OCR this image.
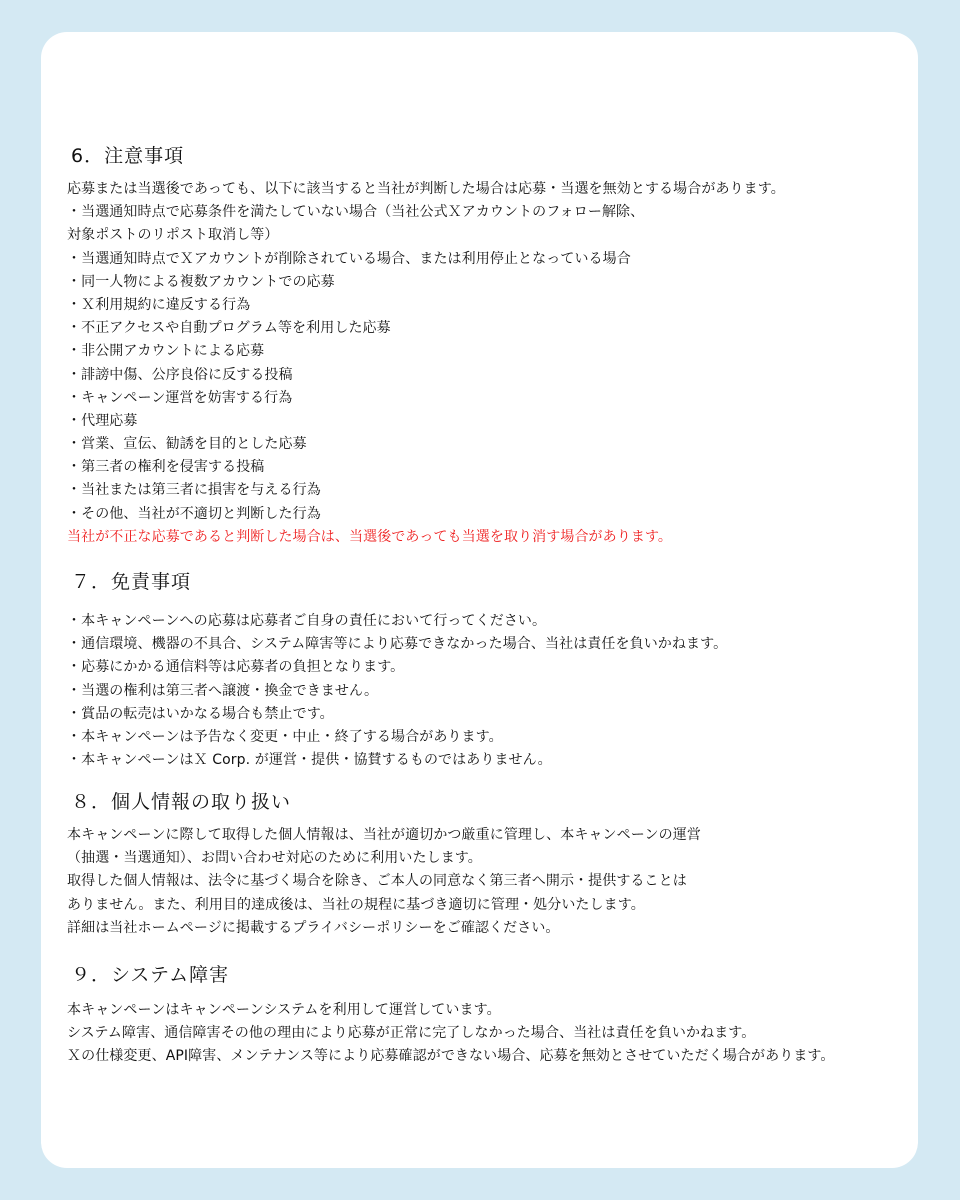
6．注意事項
応募または当選後であっても、以下に該当すると当社が判断した場合は応募・当選を無効とする場合があります。
・当選通知時点で応募条件を満たしていない場合（当社公式Ｘアカウントのフォロー解除、
対象ポストのリポスト取消し等）
・当選通知時点でＸアカウントが削除されている場合、または利用停止となっている場合
・同一人物による複数アカウントでの応募
・Ｘ利用規約に違反する行為
・不正アクセスや自動プログラム等を利用した応募
・非公開アカウントによる応募
・誹謗中傷、公序良俗に反する投稿
・キャンペーン運営を妨害する行為
・代理応募
・営業、宣伝、勧誘を目的とした応募
・第三者の権利を侵害する投稿
・当社または第三者に損害を与える行為
・その他、当社が不適切と判断した行為
当社が不正な応募であると判断した場合は、当選後であっても当選を取り消す場合があります。
７．免責事項
・本キャンペーンへの応募は応募者ご自身の責任において行ってください。
・通信環境、機器の不具合、システム障害等により応募できなかった場合、当社は責任を負いかねます。
・応募にかかる通信料等は応募者の負担となります。
・当選の権利は第三者へ譲渡・換金できません。
・賞品の転売はいかなる場合も禁止です。
・本キャンペーンは予告なく変更・中止・終了する場合があります。
・本キャンペーンはＸ Corp. が運営・提供・協賛するものではありません。
８．個人情報の取り扱い
本キャンペーンに際して取得した個人情報は、当社が適切かつ厳重に管理し、本キャンペーンの運営
（抽選・当選通知）、お問い合わせ対応のために利用いたします。
取得した個人情報は、法令に基づく場合を除き、ご本人の同意なく第三者へ開示・提供することは
ありません。また、利用目的達成後は、当社の規程に基づき適切に管理・処分いたします。
詳細は当社ホームページに掲載するプライバシーポリシーをご確認ください。
９．システム障害
本キャンペーンはキャンペーンシステムを利用して運営しています。
システム障害、通信障害その他の理由により応募が正常に完了しなかった場合、当社は責任を負いかねます。
Ｘの仕様変更、API障害、メンテナンス等により応募確認ができない場合、応募を無効とさせていただく場合があります。
